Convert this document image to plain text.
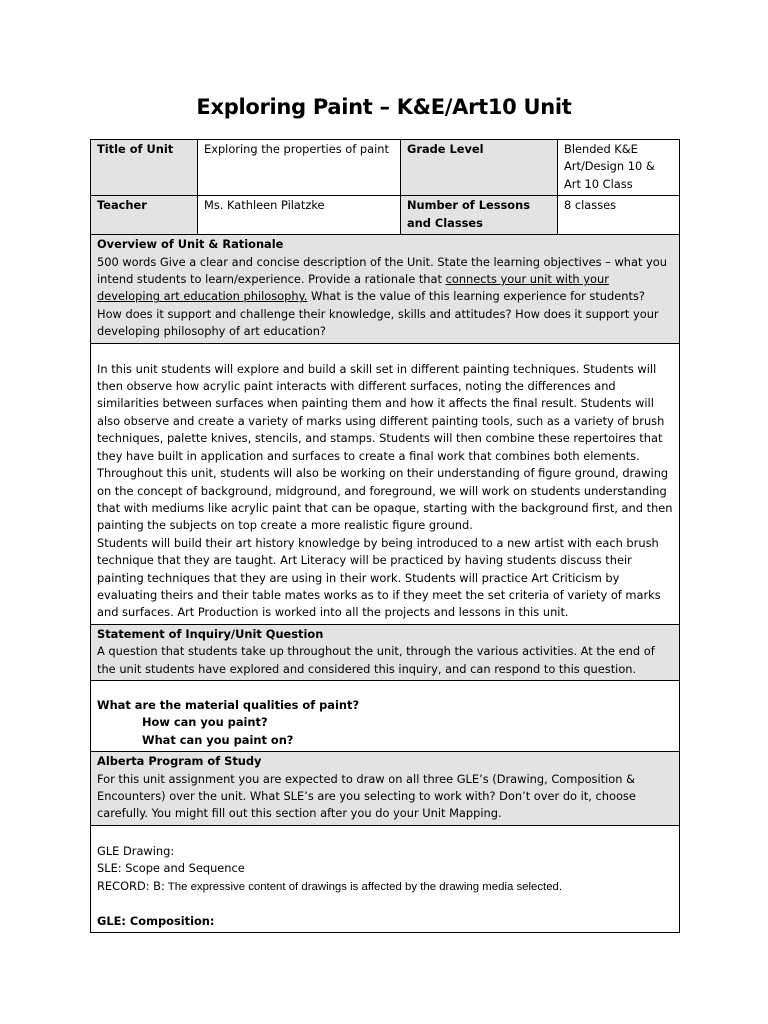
Exploring Paint – K&E/Art10 Unit
Title of Unit	Exploring the properties of paint	Grade Level	Blended K&E Art/Design 10 & Art 10 Class
Teacher	Ms. Kathleen Pilatzke	Number of Lessons and Classes	8 classes

Overview of Unit & Rationale
500 words Give a clear and concise description of the Unit. State the learning objectives – what you intend students to learn/experience. Provide a rationale that connects your unit with your developing art education philosophy. What is the value of this learning experience for students? How does it support and challenge their knowledge, skills and attitudes? How does it support your developing philosophy of art education?			

In this unit students will explore and build a skill set in different painting techniques. Students will then observe how acrylic paint interacts with different surfaces, noting the differences and similarities between surfaces when painting them and how it affects the final result. Students will also observe and create a variety of marks using different painting tools, such as a variety of brush techniques, palette knives, stencils, and stamps. Students will then combine these repertoires that they have built in application and surfaces to create a final work that combines both elements. Throughout this unit, students will also be working on their understanding of figure ground, drawing on the concept of background, midground, and foreground, we will work on students understanding that with mediums like acrylic paint that can be opaque, starting with the background first, and then painting the subjects on top create a more realistic figure ground.
Students will build their art history knowledge by being introduced to a new artist with each brush technique that they are taught. Art Literacy will be practiced by having students discuss their painting techniques that they are using in their work. Students will practice Art Criticism by evaluating theirs and their table mates works as to if they meet the set criteria of variety of marks and surfaces. Art Production is worked into all the projects and lessons in this unit.			

Statement of Inquiry/Unit Question
A question that students take up throughout the unit, through the various activities. At the end of the unit students have explored and considered this inquiry, and can respond to this question.			

What are the material qualities of paint?
How can you paint?
What can you paint on?			

Alberta Program of Study
For this unit assignment you are expected to draw on all three GLE’s (Drawing, Composition & Encounters) over the unit. What SLE’s are you selecting to work with? Don’t over do it, choose carefully. You might fill out this section after you do your Unit Mapping.			

GLE Drawing:
SLE: Scope and Sequence
RECORD: B: The expressive content of drawings is affected by the drawing media selected.
GLE: Composition:			
